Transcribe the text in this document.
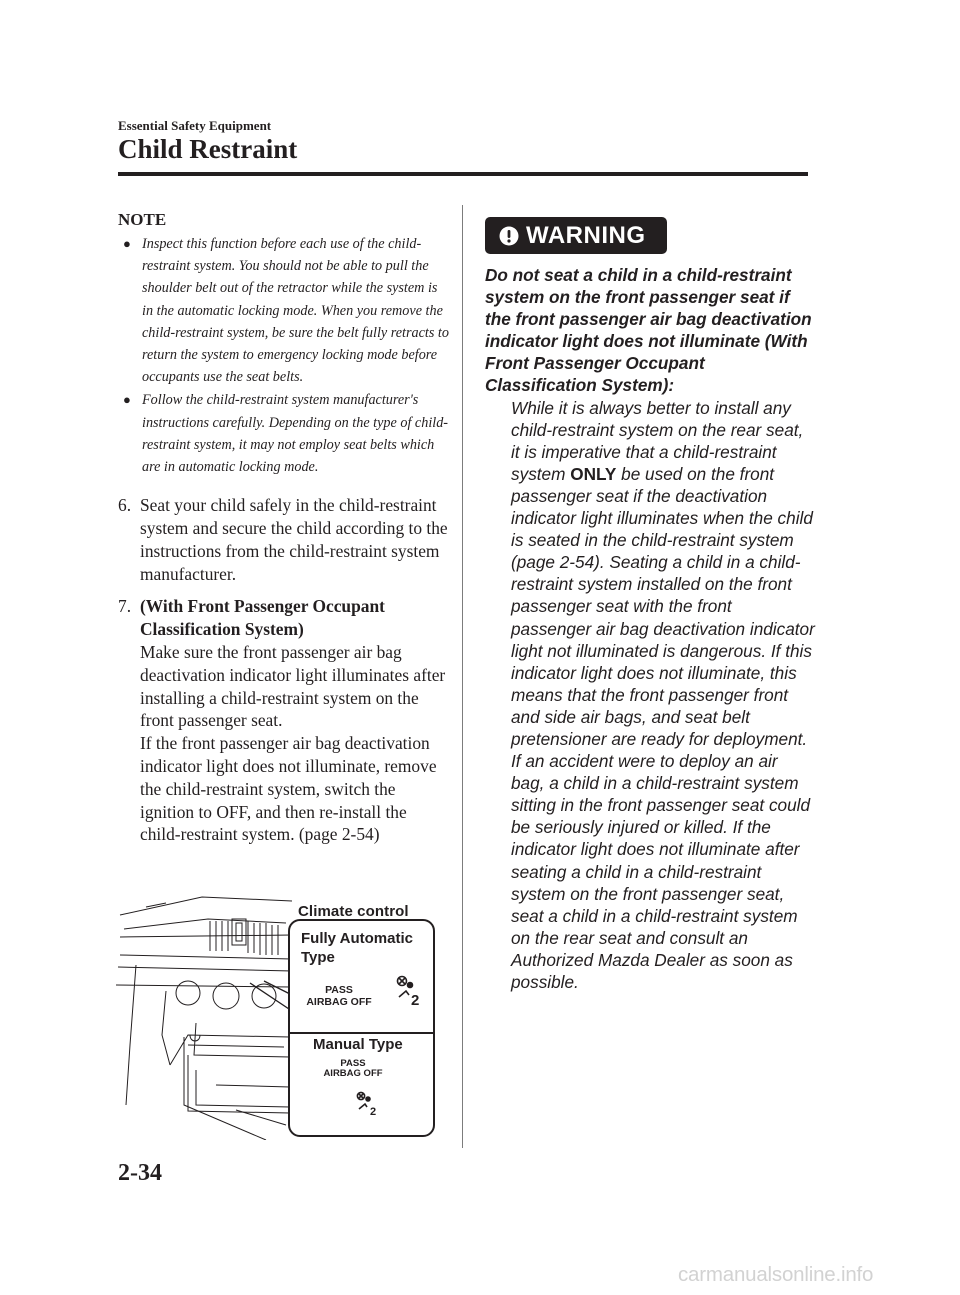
Essential Safety Equipment
Child Restraint
NOTE
● Inspect this function before each use of the child-restraint system. You should not be able to pull the shoulder belt out of the retractor while the system is in the automatic locking mode. When you remove the child-restraint system, be sure the belt fully retracts to return the system to emergency locking mode before occupants use the seat belts.
● Follow the child-restraint system manufacturer's instructions carefully. Depending on the type of child-restraint system, it may not employ seat belts which are in automatic locking mode.
6. Seat your child safely in the child-restraint system and secure the child according to the instructions from the child-restraint system manufacturer.
7. (With Front Passenger Occupant Classification System)
Make sure the front passenger air bag deactivation indicator light illuminates after installing a child-restraint system on the front passenger seat.
If the front passenger air bag deactivation indicator light does not illuminate, remove the child-restraint system, switch the ignition to OFF, and then re-install the child-restraint system. (page 2-54)
2
2
Climate control
Fully Automatic Type
PASS
AIRBAG OFF
Manual Type
PASS
AIRBAG OFF
WARNING

Do not seat a child in a child-restraint system on the front passenger seat if the front passenger air bag deactivation indicator light does not illuminate (With Front Passenger Occupant Classification System):

While it is always better to install any child-restraint system on the rear seat, it is imperative that a child-restraint system ONLY be used on the front passenger seat if the deactivation indicator light illuminates when the child is seated in the child-restraint system (page 2-54). Seating a child in a child-restraint system installed on the front passenger seat with the front passenger air bag deactivation indicator light not illuminated is dangerous. If this indicator light does not illuminate, this means that the front passenger front and side air bags, and seat belt pretensioner are ready for deployment. If an accident were to deploy an air bag, a child in a child-restraint system sitting in the front passenger seat could be seriously injured or killed. If the indicator light does not illuminate after seating a child in a child-restraint system on the front passenger seat, seat a child in a child-restraint system on the rear seat and consult an Authorized Mazda Dealer as soon as possible.

2-34
carmanualsonline.info
